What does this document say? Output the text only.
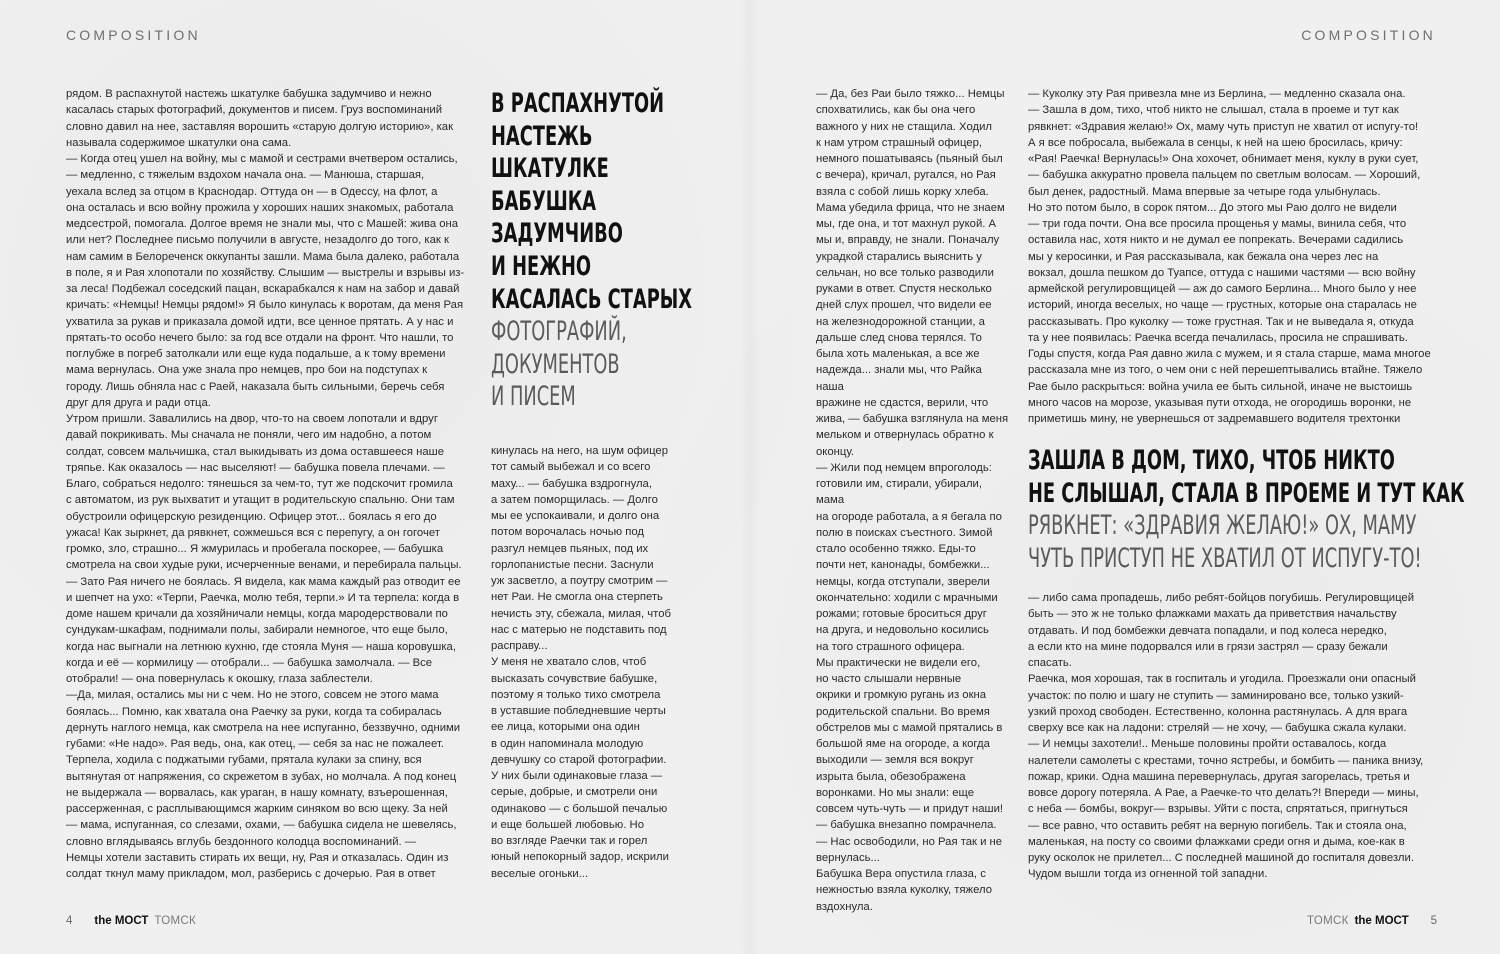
COMPOSITION	COMPOSITION

рядом. В распахнутой настежь шкатулке бабушка задумчиво и нежно
касалась старых фотографий, документов и писем. Груз воспоминаний
словно давил на нее, заставляя ворошить «старую долгую историю», как
называла содержимое шкатулки она сама.
— Когда отец ушел на войну, мы с мамой и сестрами вчетвером остались,
— медленно, с тяжелым вздохом начала она. — Манюша, старшая,
уехала вслед за отцом в Краснодар. Оттуда он — в Одессу, на флот, а
она осталась и всю войну прожила у хороших наших знакомых, работала
медсестрой, помогала. Долгое время не знали мы, что с Машей: жива она
или нет? Последнее письмо получили в августе, незадолго до того, как к
нам самим в Белореченск оккупанты зашли. Мама была далеко, работала
в поле, я и Рая хлопотали по хозяйству. Слышим — выстрелы и взрывы из-
за леса! Подбежал соседский пацан, вскарабкался к нам на забор и давай
кричать: «Немцы! Немцы рядом!» Я было кинулась к воротам, да меня Рая
ухватила за рукав и приказала домой идти, все ценное прятать. А у нас и
прятать-то особо нечего было: за год все отдали на фронт. Что нашли, то
поглубже в погреб затолкали или еще куда подальше, а к тому времени
мама вернулась. Она уже знала про немцев, про бои на подступах к
городу. Лишь обняла нас с Раей, наказала быть сильными, беречь себя
друг для друга и ради отца.
Утром пришли. Завалились на двор, что-то на своем лопотали и вдруг
давай покрикивать. Мы сначала не поняли, чего им надобно, а потом
солдат, совсем мальчишка, стал выкидывать из дома оставшееся наше
тряпье. Как оказалось — нас выселяют! — бабушка повела плечами. —
Благо, собраться недолго: тянешься за чем-то, тут же подскочит громила
с автоматом, из рук выхватит и утащит в родительскую спальню. Они там
обустроили офицерскую резиденцию. Офицер этот... боялась я его до
ужаса! Как зыркнет, да рявкнет, сожмешься вся с перепугу, а он гогочет
громко, зло, страшно... Я жмурилась и пробегала поскорее, — бабушка
смотрела на свои худые руки, исчерченные венами, и перебирала пальцы.
— Зато Рая ничего не боялась. Я видела, как мама каждый раз отводит ее
и шепчет на ухо: «Терпи, Раечка, молю тебя, терпи.» И та терпела: когда в
доме нашем кричали да хозяйничали немцы, когда мародерствовали по
сундукам-шкафам, поднимали полы, забирали немногое, что еще было,
когда нас выгнали на летнюю кухню, где стояла Муня — наша коровушка,
когда и её — кормилицу — отобрали... — бабушка замолчала. — Все
отобрали! — она повернулась к окошку, глаза заблестели.
—Да, милая, остались мы ни с чем. Но не этого, совсем не этого мама
боялась... Помню, как хватала она Раечку за руки, когда та собиралась
дернуть наглого немца, как смотрела на нее испуганно, беззвучно, одними
губами: «Не надо». Рая ведь, она, как отец, — себя за нас не пожалеет.
Терпела, ходила с поджатыми губами, прятала кулаки за спину, вся
вытянутая от напряжения, со скрежетом в зубах, но молчала. А под конец
не выдержала — ворвалась, как ураган, в нашу комнату, взъерошенная,
рассерженная, с расплывающимся жарким синяком во всю щеку. За ней
— мама, испуганная, со слезами, охами, — бабушка сидела не шевелясь,
словно вглядываясь вглубь бездонного колодца воспоминаний. —
Немцы хотели заставить стирать их вещи, ну, Рая и отказалась. Один из
солдат ткнул маму прикладом, мол, разберись с дочерью. Рая в ответ

В РАСПАХНУТОЙ
НАСТЕЖЬ
ШКАТУЛКЕ
БАБУШКА
ЗАДУМЧИВО
И НЕЖНО
КАСАЛАСЬ СТАРЫХ
ФОТОГРАФИЙ,
ДОКУМЕНТОВ
И ПИСЕМ

кинулась на него, на шум офицер
тот самый выбежал и со всего
маху... — бабушка вздрогнула,
а затем поморщилась. — Долго
мы ее успокаивали, и долго она
потом ворочалась ночью под
разгул немцев пьяных, под их
горлопанистые песни. Заснули
уж засветло, а поутру смотрим —
нет Раи. Не смогла она стерпеть
нечисть эту, сбежала, милая, чтоб
нас с матерью не подставить под
расправу...
У меня не хватало слов, чтоб
высказать сочувствие бабушке,
поэтому я только тихо смотрела
в уставшие побледневшие черты
ее лица, которыми она один
в один напоминала молодую
девчушку со старой фотографии.
У них были одинаковые глаза —
серые, добрые, и смотрели они
одинаково — с большой печалью
и еще большей любовью. Но
во взгляде Раечки так и горел
юный непокорный задор, искрили
веселые огоньки...

4 the МОСТ ТОМСК

— Да, без Раи было тяжко... Немцы
спохватились, как бы она чего
важного у них не стащила. Ходил
к нам утром страшный офицер,
немного пошатываясь (пьяный был
с вечера), кричал, ругался, но Рая
взяла с собой лишь корку хлеба.
Мама убедила фрица, что не знаем
мы, где она, и тот махнул рукой. А
мы и, вправду, не знали. Поначалу
украдкой старались выяснить у
сельчан, но все только разводили
руками в ответ. Спустя несколько
дней слух прошел, что видели ее
на железнодорожной станции, а
дальше след снова терялся. То
была хоть маленькая, а все же
надежда... знали мы, что Райка наша
вражине не сдастся, верили, что
жива, — бабушка взглянула на меня
мельком и отвернулась обратно к
оконцу.
— Жили под немцем впроголодь:
готовили им, стирали, убирали, мама
на огороде работала, а я бегала по
полю в поисках съестного. Зимой
стало особенно тяжко. Еды-то
почти нет, канонады, бомбежки...
немцы, когда отступали, зверели
окончательно: ходили с мрачными
рожами; готовые броситься друг
на друга, и недовольно косились
на того страшного офицера.
Мы практически не видели его,
но часто слышали нервные
окрики и громкую ругань из окна
родительской спальни. Во время
обстрелов мы с мамой прятались в
большой яме на огороде, а когда
выходили — земля вся вокруг
изрыта была, обезображена
воронками. Но мы знали: еще
совсем чуть-чуть — и придут наши!
— бабушка внезапно помрачнела.
— Нас освободили, но Рая так и не
вернулась...
Бабушка Вера опустила глаза, с
нежностью взяла куколку, тяжело
вздохнула.

— Куколку эту Рая привезла мне из Берлина, — медленно сказала она.
— Зашла в дом, тихо, чтоб никто не слышал, стала в проеме и тут как
рявкнет: «Здравия желаю!» Ох, маму чуть приступ не хватил от испугу-то!
А я все побросала, выбежала в сенцы, к ней на шею бросилась, кричу:
«Рая! Раечка! Вернулась!» Она хохочет, обнимает меня, куклу в руки сует,
— бабушка аккуратно провела пальцем по светлым волосам. — Хороший,
был денек, радостный. Мама впервые за четыре года улыбнулась.
Но это потом было, в сорок пятом... До этого мы Раю долго не видели
— три года почти. Она все просила прощенья у мамы, винила себя, что
оставила нас, хотя никто и не думал ее попрекать. Вечерами садились
мы у керосинки, и Рая рассказывала, как бежала она через лес на
вокзал, дошла пешком до Туапсе, оттуда с нашими частями — всю войну
армейской регулировщицей — аж до самого Берлина... Много было у нее
историй, иногда веселых, но чаще — грустных, которые она старалась не
рассказывать. Про куколку — тоже грустная. Так и не выведала я, откуда
та у нее появилась: Раечка всегда печалилась, просила не спрашивать.
Годы спустя, когда Рая давно жила с мужем, и я стала старше, мама многое
рассказала мне из того, о чем они с ней перешептывались втайне. Тяжело
Рае было раскрыться: война учила ее быть сильной, иначе не выстоишь
много часов на морозе, указывая пути отхода, не огородишь воронки, не
приметишь мину, не увернешься от задремавшего водителя трехтонки

ЗАШЛА В ДОМ, ТИХО, ЧТОБ НИКТО
НЕ СЛЫШАЛ, СТАЛА В ПРОЕМЕ И ТУТ КАК
РЯВКНЕТ: «ЗДРАВИЯ ЖЕЛАЮ!» ОХ, МАМУ
ЧУТЬ ПРИСТУП НЕ ХВАТИЛ ОТ ИСПУГУ-ТО!

— либо сама пропадешь, либо ребят-бойцов погубишь. Регулировщицей
быть — это ж не только флажками махать да приветствия начальству
отдавать. И под бомбежки девчата попадали, и под колеса нередко,
а если кто на мине подорвался или в грязи застрял — сразу бежали
спасать.
Раечка, моя хорошая, так в госпиталь и угодила. Проезжали они опасный
участок: по полю и шагу не ступить — заминировано все, только узкий-
узкий проход свободен. Естественно, колонна растянулась. А для врага
сверху все как на ладони: стреляй — не хочу, — бабушка сжала кулаки.
— И немцы захотели!.. Меньше половины пройти оставалось, когда
налетели самолеты с крестами, точно ястребы, и бомбить — паника внизу,
пожар, крики. Одна машина перевернулась, другая загорелась, третья и
вовсе дорогу потеряла. А Рае, а Раечке-то что делать?! Впереди — мины,
с неба — бомбы, вокруг— взрывы. Уйти с поста, спрятаться, пригнуться
— все равно, что оставить ребят на верную погибель. Так и стояла она,
маленькая, на посту со своими флажками среди огня и дыма, кое-как в
руку осколок не прилетел... С последней машиной до госпиталя довезли.
Чудом вышли тогда из огненной той западни.

ТОМСК the МОСТ 5
